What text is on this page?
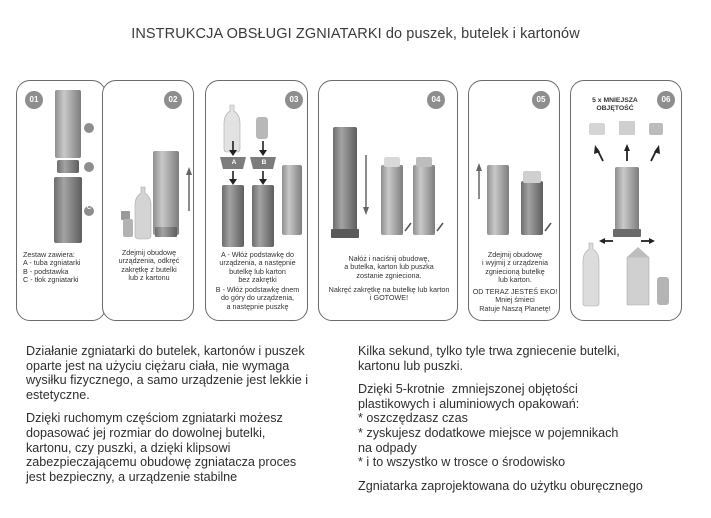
INSTRUKCJA OBSŁUGI ZGNIATARKI do puszek, butelek i kartonów
01
C
B
A
Zestaw zawiera:
A - tuba zgniatarki
B - podstawka
C - tłok zgniatarki
02
Zdejmij obudowę
urządzenia, odkręć
zakrętkę z butelki
lub z kartonu
03
A	B
A - Włóż podstawkę do
urządzenia, a następnie
butelkę lub karton
bez zakrętki
B - Włóż podstawkę dnem
do góry do urządzenia,
a następnie puszkę
04
Nałóż i naciśnij obudowę,
a butelka, karton lub puszka
zostanie zgnieciona.
Nakręć zakrętkę na butelkę lub karton
i GOTOWE!
05
Zdejmij obudowę
i wyjmij z urządzenia
zgniecioną butelkę
lub karton.
OD TERAZ JESTEŚ EKO!
Mniej śmieci
Ratuje Naszą Planetę!
06
5 x MNIEJSZA
OBJĘTOŚĆ

Działanie zgniatarki do butelek, kartonów i puszek
oparte jest na użyciu ciężaru ciała, nie wymaga
wysiłku fizycznego, a samo urządzenie jest lekkie i
estetyczne.

Dzięki ruchomym częściom zgniatarki możesz
dopasować jej rozmiar do dowolnej butelki,
kartonu, czy puszki, a dzięki klipsowi
zabezpieczającemu obudowę zgniatacza proces
jest bezpieczny, a urządzenie stabilne

Kilka sekund, tylko tyle trwa zgniecenie butelki,
kartonu lub puszki.

Dzięki 5-krotnie  zmniejszonej objętości
plastikowych i aluminiowych opakowań:
* oszczędzasz czas
* zyskujesz dodatkowe miejsce w pojemnikach
na odpady
* i to wszystko w trosce o środowisko

Zgniatarka zaprojektowana do użytku oburęcznego
